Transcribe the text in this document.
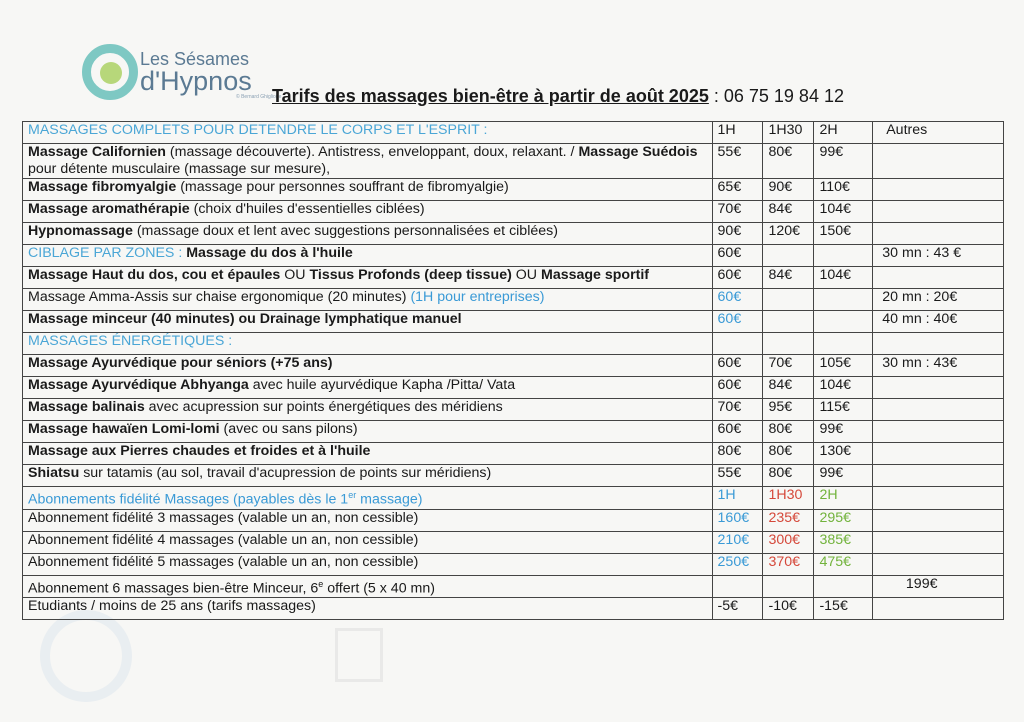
Les Sésames
d'Hypnos
© Bernard Ghiglione
Tarifs des massages bien-être à partir de août 2025 : 06 75 19 84 12
MASSAGES COMPLETS POUR DETENDRE LE CORPS ET L'ESPRIT :	1H	1H30	2H	Autres
Massage Californien (massage découverte). Antistress, enveloppant, doux, relaxant. / Massage Suédois pour détente musculaire (massage sur mesure),	55€	80€	99€	
Massage fibromyalgie (massage pour personnes souffrant de fibromyalgie)	65€	90€	110€	
Massage aromathérapie (choix d'huiles d'essentielles ciblées)	70€	84€	104€	
Hypnomassage (massage doux et lent avec suggestions personnalisées et ciblées)	90€	120€	150€	
CIBLAGE PAR ZONES : Massage du dos à l'huile	60€			30 mn : 43 €
Massage Haut du dos, cou et épaules OU Tissus Profonds (deep tissue) OU Massage sportif	60€	84€	104€	
Massage Amma-Assis sur chaise ergonomique (20 minutes) (1H pour entreprises)	60€			20 mn : 20€
Massage minceur (40 minutes) ou Drainage lymphatique manuel	60€			40 mn : 40€
MASSAGES ÉNERGÉTIQUES :				
Massage Ayurvédique pour séniors (+75 ans)	60€	70€	105€	30 mn : 43€
Massage Ayurvédique Abhyanga avec huile ayurvédique Kapha /Pitta/ Vata	60€	84€	104€	
Massage balinais avec acupression sur points énergétiques des méridiens	70€	95€	115€	
Massage hawaïen Lomi-lomi (avec ou sans pilons)	60€	80€	99€	
Massage aux Pierres chaudes et froides et à l'huile	80€	80€	130€	
Shiatsu sur tatamis (au sol, travail d'acupression de points sur méridiens)	55€	80€	99€	
Abonnements fidélité Massages (payables dès le 1er massage)	1H	1H30	2H	
Abonnement fidélité 3 massages (valable un an, non cessible)	160€	235€	295€	
Abonnement fidélité 4 massages (valable un an, non cessible)	210€	300€	385€	
Abonnement fidélité 5 massages (valable un an, non cessible)	250€	370€	475€	
Abonnement 6 massages bien-être Minceur, 6e offert (5 x 40 mn)				199€
Etudiants / moins de 25 ans (tarifs massages)	-5€	-10€	-15€	
